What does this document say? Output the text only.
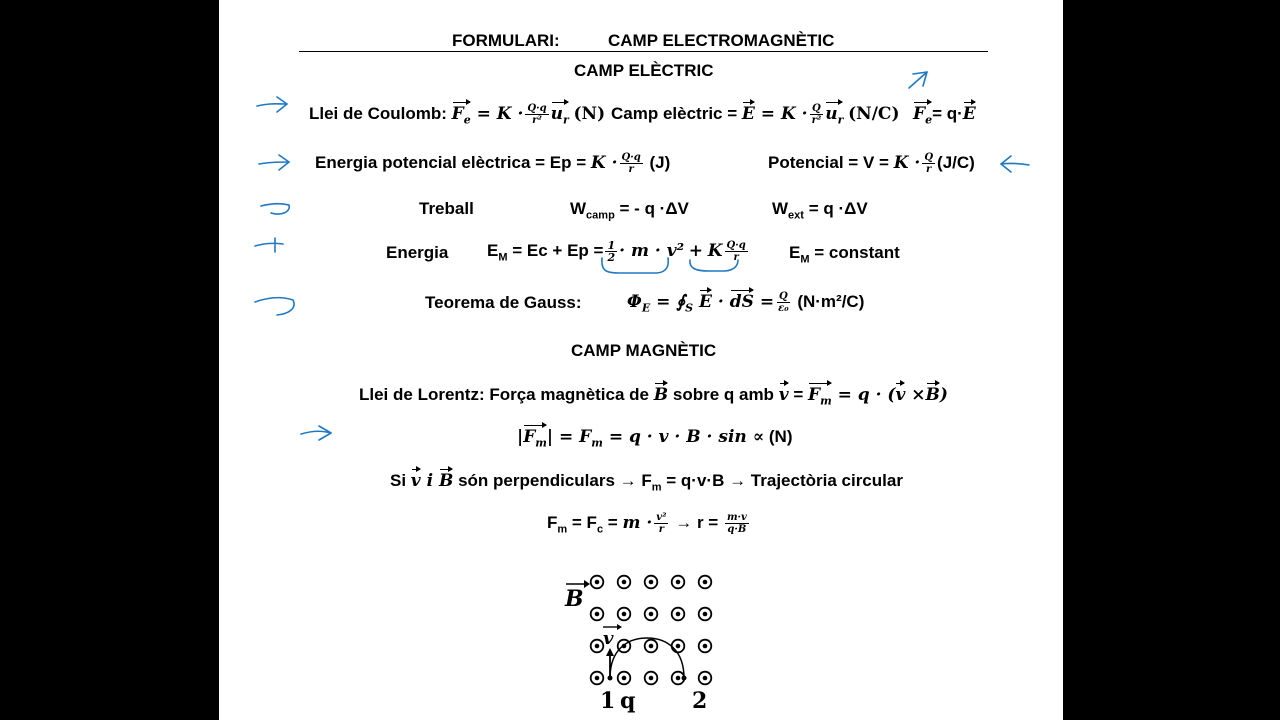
FORMULARI:	CAMP ELECTROMAGNÈTIC
CAMP ELÈCTRIC
Llei de Coulomb: $F_e = K \cdot \frac{Q\cdot q}{\text{r²}} u_r$ (N) Camp elèctric = $E = K \cdot \frac{Q}{\text{r²}} u_r$ (N/C) $F_e= q\cdot E$
Energia potencial elèctrica = $Ep = K \cdot \frac{Q\cdot q}{r} (J)$	Potencial = $V = K \cdot \frac{Q}{r} (J/C)$
Treball	$W_{camp}$ = - q ·ΔV	$W_{ext} = q \cdot\Delta V$
Energia $E_M = Ec + Ep = \frac{1}{2} \cdot m \cdot v^2 + K \frac{Q\cdot q}{r} E_M$ = constant
Teorema de Gauss:	$\Phi_E$ = $∮_S$ E · dS = $\frac{Q}{\text{ε₀}} (N\cdot m^2/C)$
CAMP MAGNÈTIC
Llei de Lorentz: Força magnètica de B sobre q amb $v = F_m = q \cdot (v \times B)$
$|F_m| = F_m = q \cdot v \cdot B \cdot \sin \propto (N)$
Si v i B són perpendiculars → $F_m = q\cdot v\cdot B$ → Trajectòria circular
$F_m = F_c = m \cdot \frac{\text{v²}}{r} \to r = \frac{m\cdot v}{q\cdot B}$
B
v
1 q	2
